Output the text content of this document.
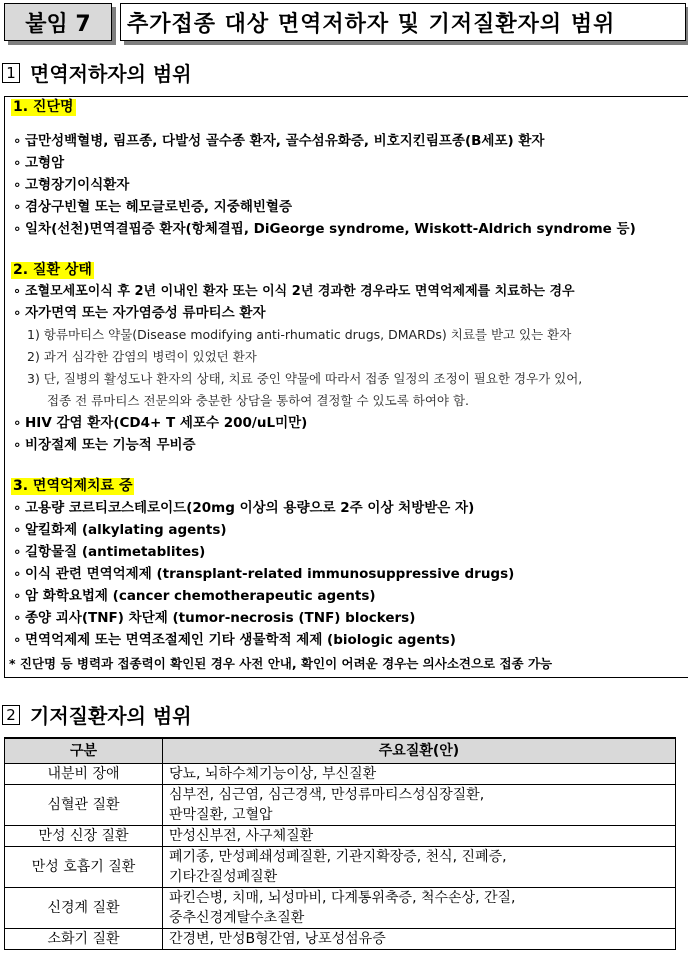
붙임 7	추가접종 대상 면역저하자 및 기저질환자의 범위
1 면역저하자의 범위
1. 진단명
∘ 급만성백혈병, 림프종, 다발성 골수종 환자, 골수섬유화증, 비호지킨림프종(B세포) 환자
∘ 고형암
∘ 고형장기이식환자
∘ 겸상구빈혈 또는 헤모글로빈증, 지중해빈혈증
∘ 일차(선천)면역결핍증 환자(항체결핍, DiGeorge syndrome, Wiskott-Aldrich syndrome 등)
2. 질환 상태
∘ 조혈모세포이식 후 2년 이내인 환자 또는 이식 2년 경과한 경우라도 면역억제제를 치료하는 경우
∘ 자가면역 또는 자가염증성 류마티스 환자
1) 항류마티스 약물(Disease modifying anti-rhumatic drugs, DMARDs) 치료를 받고 있는 환자
2) 과거 심각한 감염의 병력이 있었던 환자
3) 단, 질병의 활성도나 환자의 상태, 치료 중인 약물에 따라서 접종 일정의 조정이 필요한 경우가 있어,
접종 전 류마티스 전문의와 충분한 상담을 통하여 결정할 수 있도록 하여야 함.
∘ HIV 감염 환자(CD4+ T 세포수 200/uL미만)
∘ 비장절제 또는 기능적 무비증
3. 면역억제치료 중
∘ 고용량 코르티코스테로이드(20mg 이상의 용량으로 2주 이상 처방받은 자)
∘ 알킬화제 (alkylating agents)
∘ 길항물질 (antimetablites)
∘ 이식 관련 면역억제제 (transplant-related immunosuppressive drugs)
∘ 암 화학요법제 (cancer chemotherapeutic agents)
∘ 종양 괴사(TNF) 차단제 (tumor-necrosis (TNF) blockers)
∘ 면역억제제 또는 면역조절제인 기타 생물학적 제제 (biologic agents)
* 진단명 등 병력과 접종력이 확인된 경우 사전 안내, 확인이 어려운 경우는 의사소견으로 접종 가능
2 기저질환자의 범위
구분	주요질환(안)
내분비 장애	당뇨, 뇌하수체기능이상, 부신질환

심혈관 질환	심부전, 심근염, 심근경색, 만성류마티스성심장질환,
판막질환, 고혈압

만성 신장 질환	만성신부전, 사구체질환

만성 호흡기 질환	폐기종, 만성폐쇄성폐질환, 기관지확장증, 천식, 진폐증,
기타간질성폐질환

신경계 질환	파킨슨병, 치매, 뇌성마비, 다계통위축증, 척수손상, 간질,
중추신경계탈수초질환

소화기 질환	간경변, 만성B형간염, 낭포성섬유증
